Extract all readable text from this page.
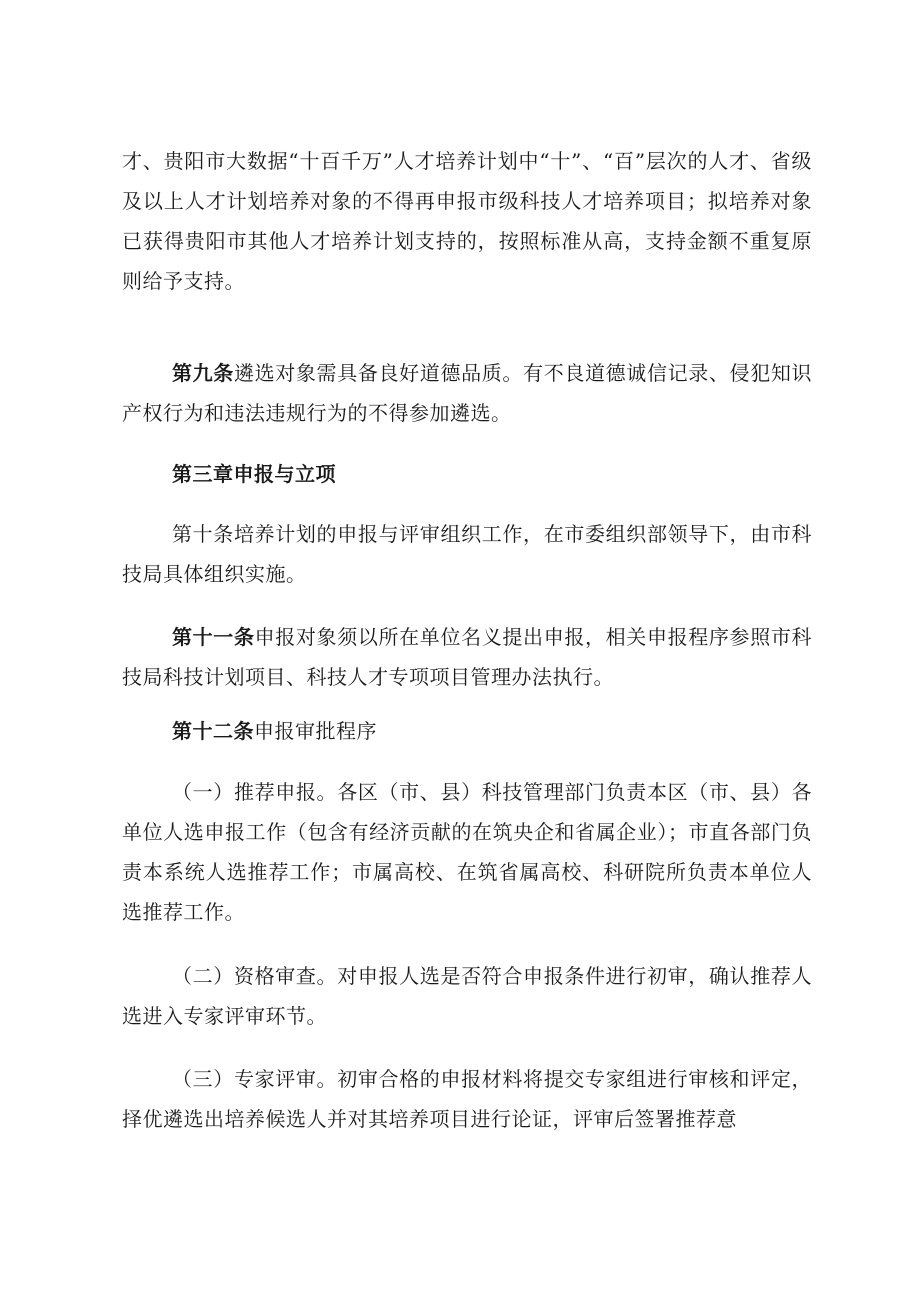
才、贵阳市大数据“十百千万”人才培养计划中“十”、“百”层次的人才、省级及以上人才计划培养对象的不得再申报市级科技人才培养项目；拟培养对象已获得贵阳市其他人才培养计划支持的，按照标准从高，支持金额不重复原则给予支持。

第九条遴选对象需具备良好道德品质。有不良道德诚信记录、侵犯知识产权行为和违法违规行为的不得参加遴选。

第三章申报与立项

第十条培养计划的申报与评审组织工作，在市委组织部领导下，由市科技局具体组织实施。

第十一条申报对象须以所在单位名义提出申报，相关申报程序参照市科技局科技计划项目、科技人才专项项目管理办法执行。

第十二条申报审批程序

（一）推荐申报。各区（市、县）科技管理部门负责本区（市、县）各单位人选申报工作（包含有经济贡献的在筑央企和省属企业）；市直各部门负责本系统人选推荐工作；市属高校、在筑省属高校、科研院所负责本单位人选推荐工作。

（二）资格审查。对申报人选是否符合申报条件进行初审，确认推荐人选进入专家评审环节。

（三）专家评审。初审合格的申报材料将提交专家组进行审核和评定，择优遴选出培养候选人并对其培养项目进行论证，评审后签署推荐意
